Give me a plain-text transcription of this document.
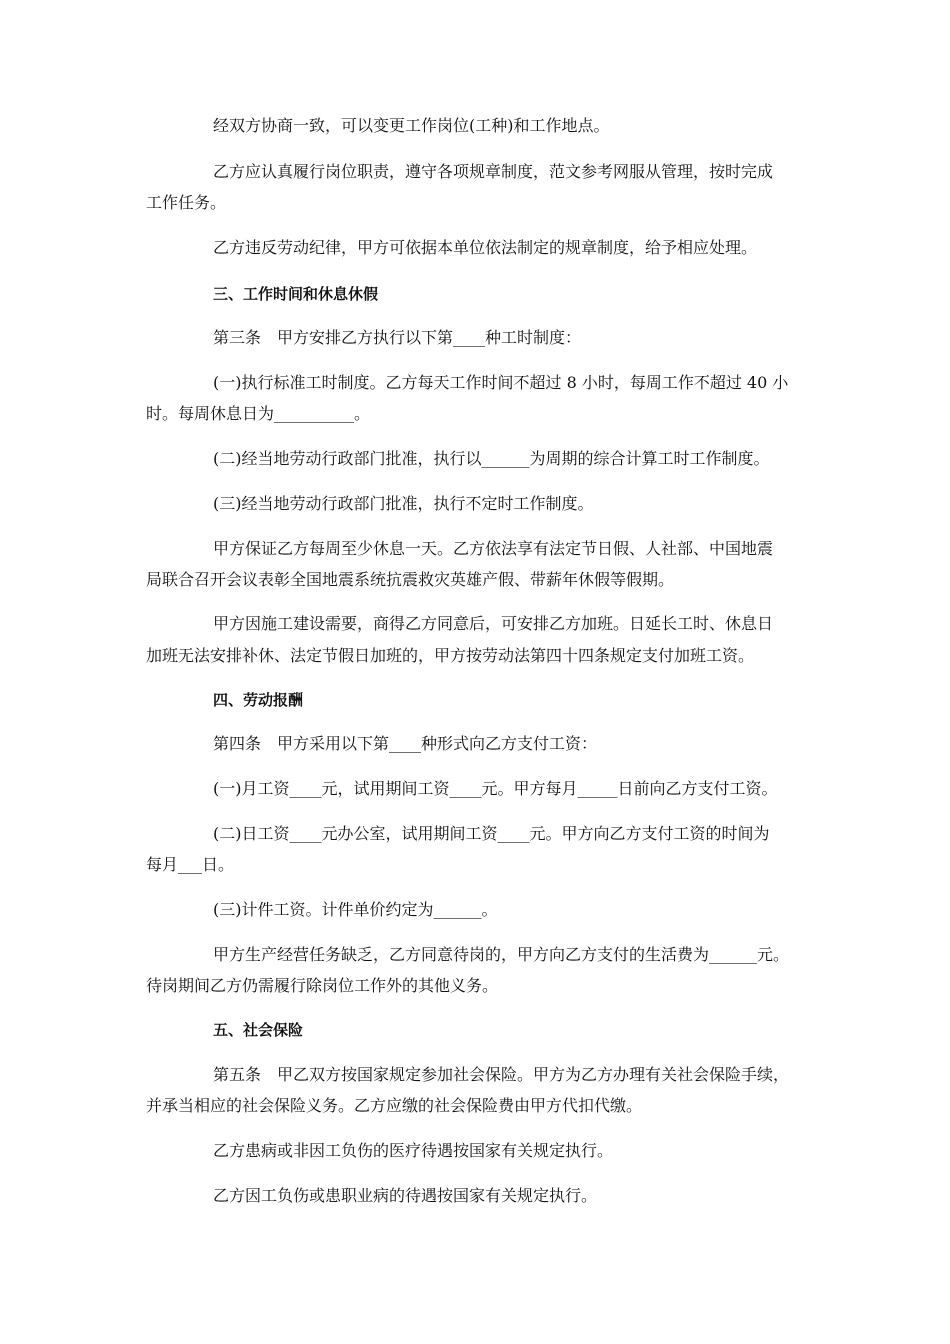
经双方协商一致，可以变更工作岗位(工种)和工作地点。
乙方应认真履行岗位职责，遵守各项规章制度，范文参考网服从管理，按时完成
工作任务。
乙方违反劳动纪律，甲方可依据本单位依法制定的规章制度，给予相应处理。
三、工作时间和休息休假
第三条　甲方安排乙方执行以下第____种工时制度：
(一)执行标准工时制度。乙方每天工作时间不超过 8 小时，每周工作不超过 40 小
时。每周休息日为__________。
(二)经当地劳动行政部门批准，执行以______为周期的综合计算工时工作制度。
(三)经当地劳动行政部门批准，执行不定时工作制度。
甲方保证乙方每周至少休息一天。乙方依法享有法定节日假、人社部、中国地震
局联合召开会议表彰全国地震系统抗震救灾英雄产假、带薪年休假等假期。
甲方因施工建设需要，商得乙方同意后，可安排乙方加班。日延长工时、休息日
加班无法安排补休、法定节假日加班的，甲方按劳动法第四十四条规定支付加班工资。
四、劳动报酬
第四条　甲方采用以下第____种形式向乙方支付工资：
(一)月工资____元，试用期间工资____元。甲方每月_____日前向乙方支付工资。
(二)日工资____元办公室，试用期间工资____元。甲方向乙方支付工资的时间为
每月___日。
(三)计件工资。计件单价约定为______。
甲方生产经营任务缺乏，乙方同意待岗的，甲方向乙方支付的生活费为______元。
待岗期间乙方仍需履行除岗位工作外的其他义务。
五、社会保险
第五条　甲乙双方按国家规定参加社会保险。甲方为乙方办理有关社会保险手续，
并承当相应的社会保险义务。乙方应缴的社会保险费由甲方代扣代缴。
乙方患病或非因工负伤的医疗待遇按国家有关规定执行。
乙方因工负伤或患职业病的待遇按国家有关规定执行。
